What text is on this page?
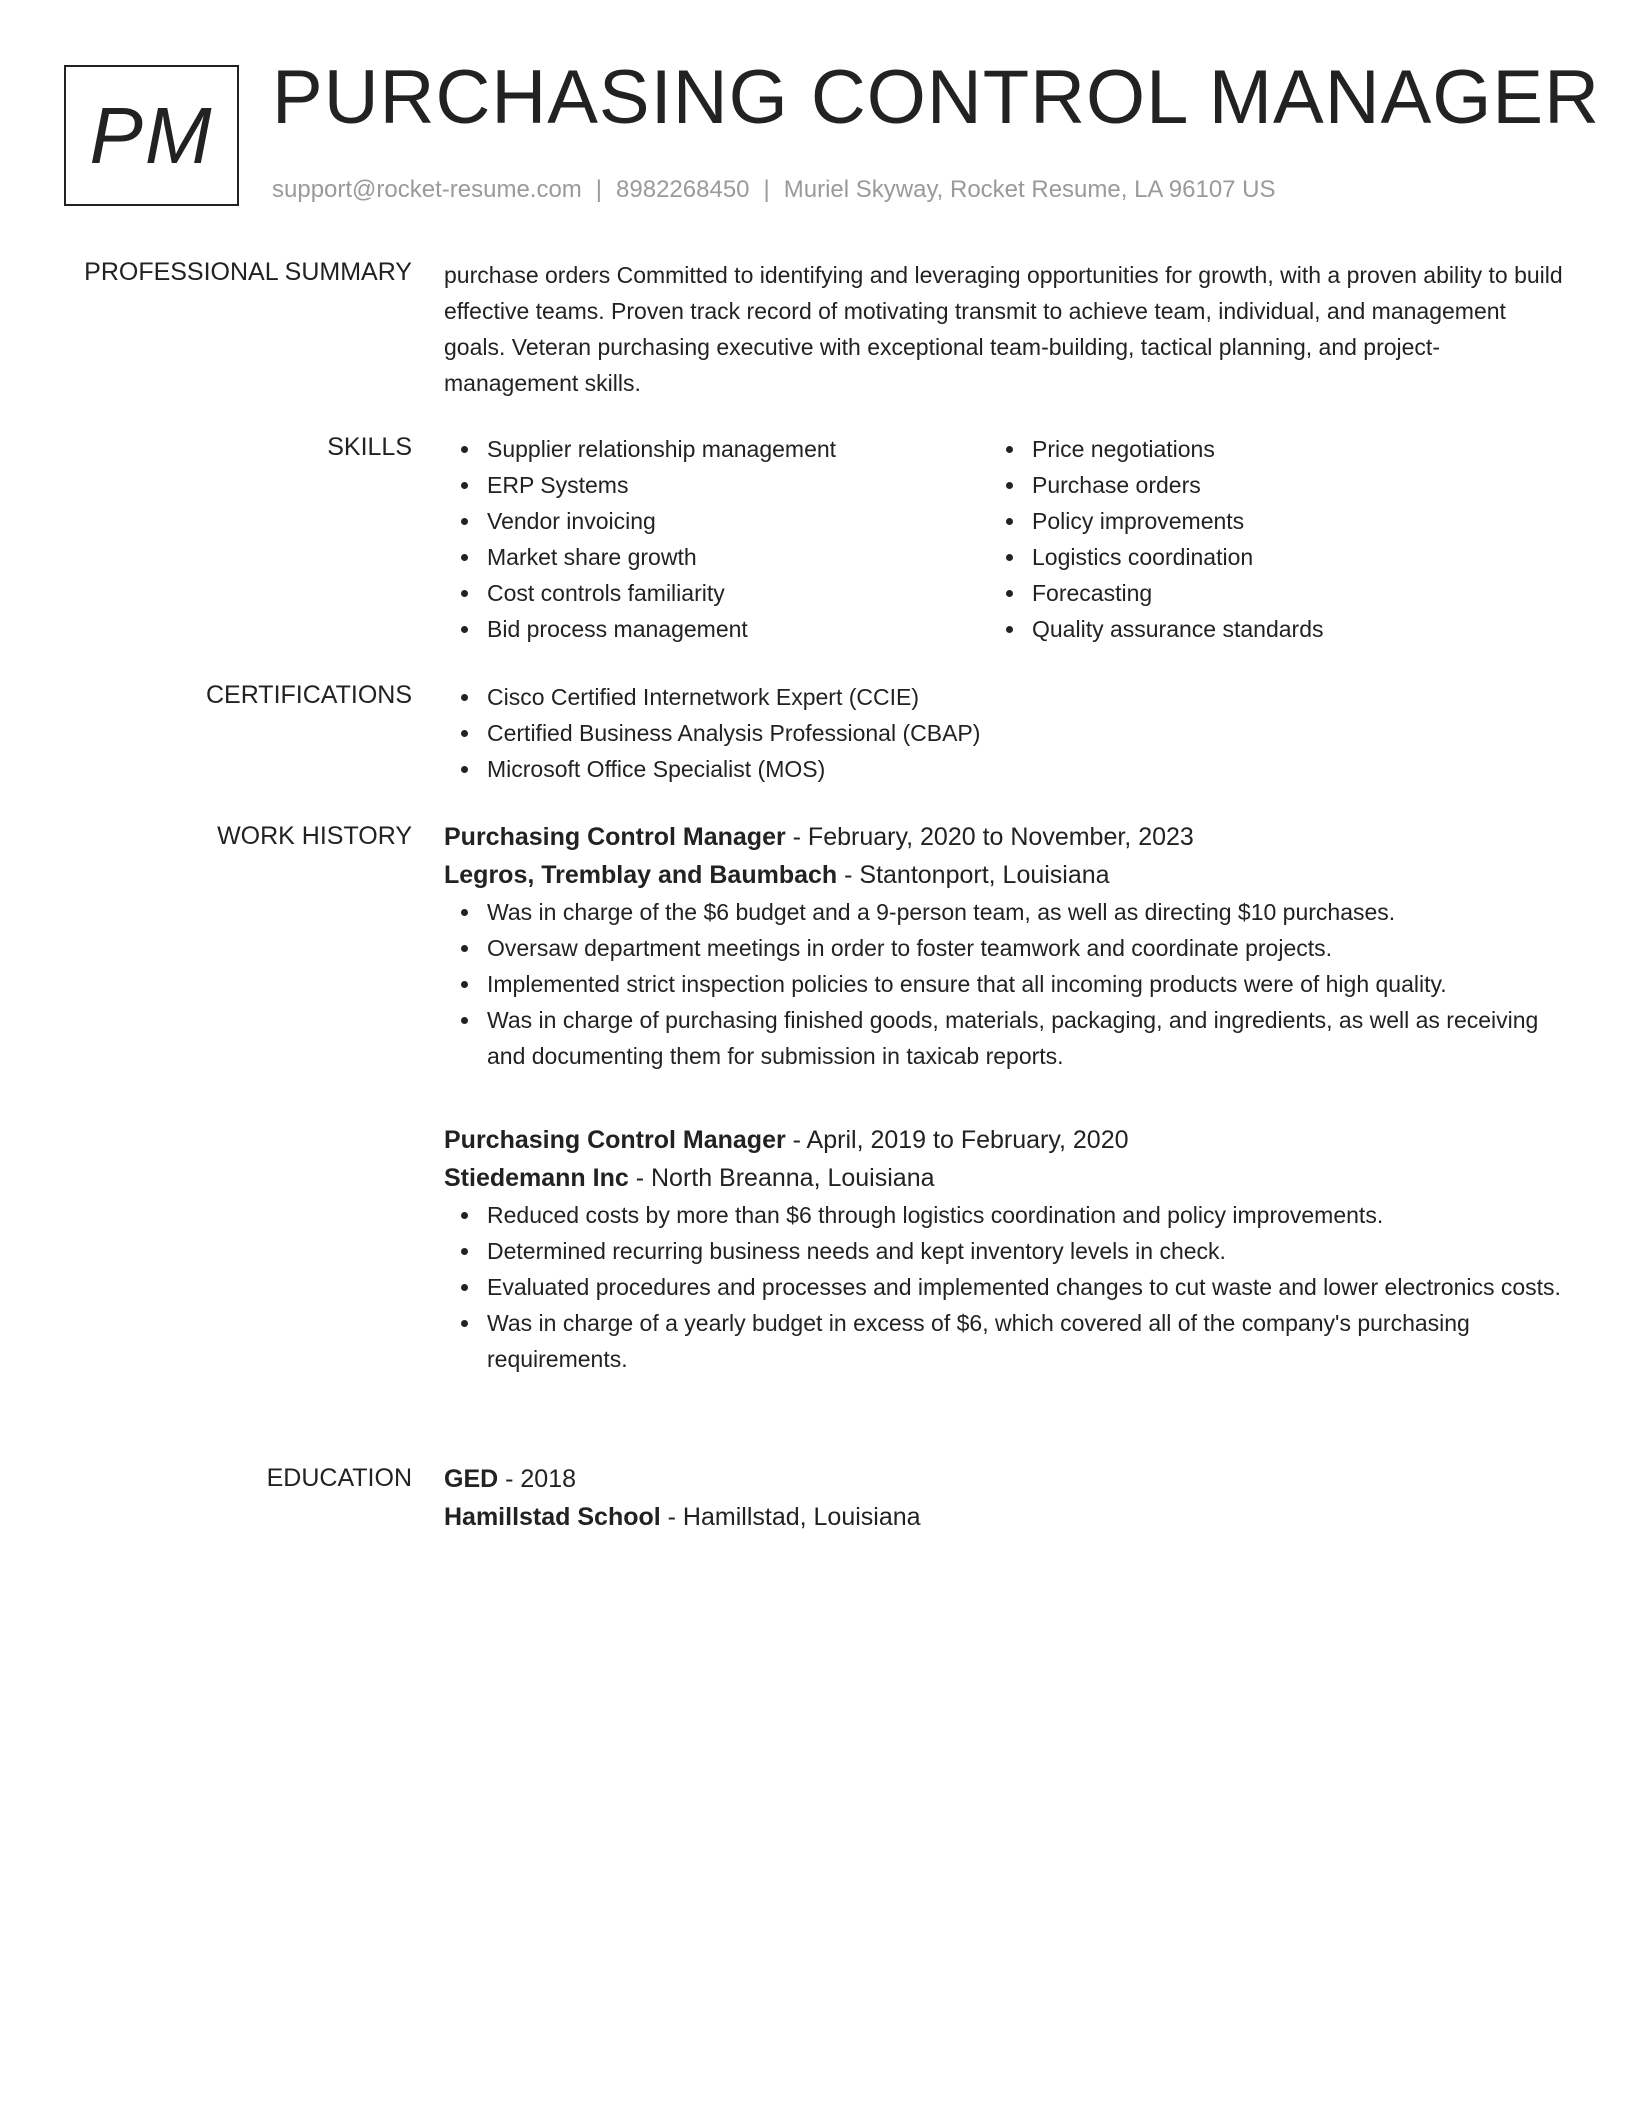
PM PURCHASING CONTROL MANAGER
support@rocket-resume.com | 8982268450 | Muriel Skyway, Rocket Resume, LA 96107 US
PROFESSIONAL SUMMARY purchase orders Committed to identifying and leveraging opportunities for growth, with a proven ability to build effective teams. Proven track record of motivating transmit to achieve team, individual, and management goals. Veteran purchasing executive with exceptional team-building, tactical planning, and project-management skills.
SKILLS	Supplier relationship management
ERP Systems
Vendor invoicing
Market share growth
Cost controls familiarity
Bid process management
Price negotiations
Purchase orders
Policy improvements
Logistics coordination
Forecasting
Quality assurance standards
CERTIFICATIONS	Cisco Certified Internetwork Expert (CCIE)
Certified Business Analysis Professional (CBAP)
Microsoft Office Specialist (MOS)
WORK HISTORY Purchasing Control Manager - February, 2020 to November, 2023
Legros, Tremblay and Baumbach - Stantonport, Louisiana
Was in charge of the $6 budget and a 9-person team, as well as directing $10 purchases.
Oversaw department meetings in order to foster teamwork and coordinate projects.
Implemented strict inspection policies to ensure that all incoming products were of high quality.
Was in charge of purchasing finished goods, materials, packaging, and ingredients, as well as receiving and documenting them for submission in taxicab reports.
Purchasing Control Manager - April, 2019 to February, 2020
Stiedemann Inc - North Breanna, Louisiana
Reduced costs by more than $6 through logistics coordination and policy improvements.
Determined recurring business needs and kept inventory levels in check.
Evaluated procedures and processes and implemented changes to cut waste and lower electronics costs.
Was in charge of a yearly budget in excess of $6, which covered all of the company's purchasing requirements.
EDUCATION GED - 2018
Hamillstad School - Hamillstad, Louisiana
